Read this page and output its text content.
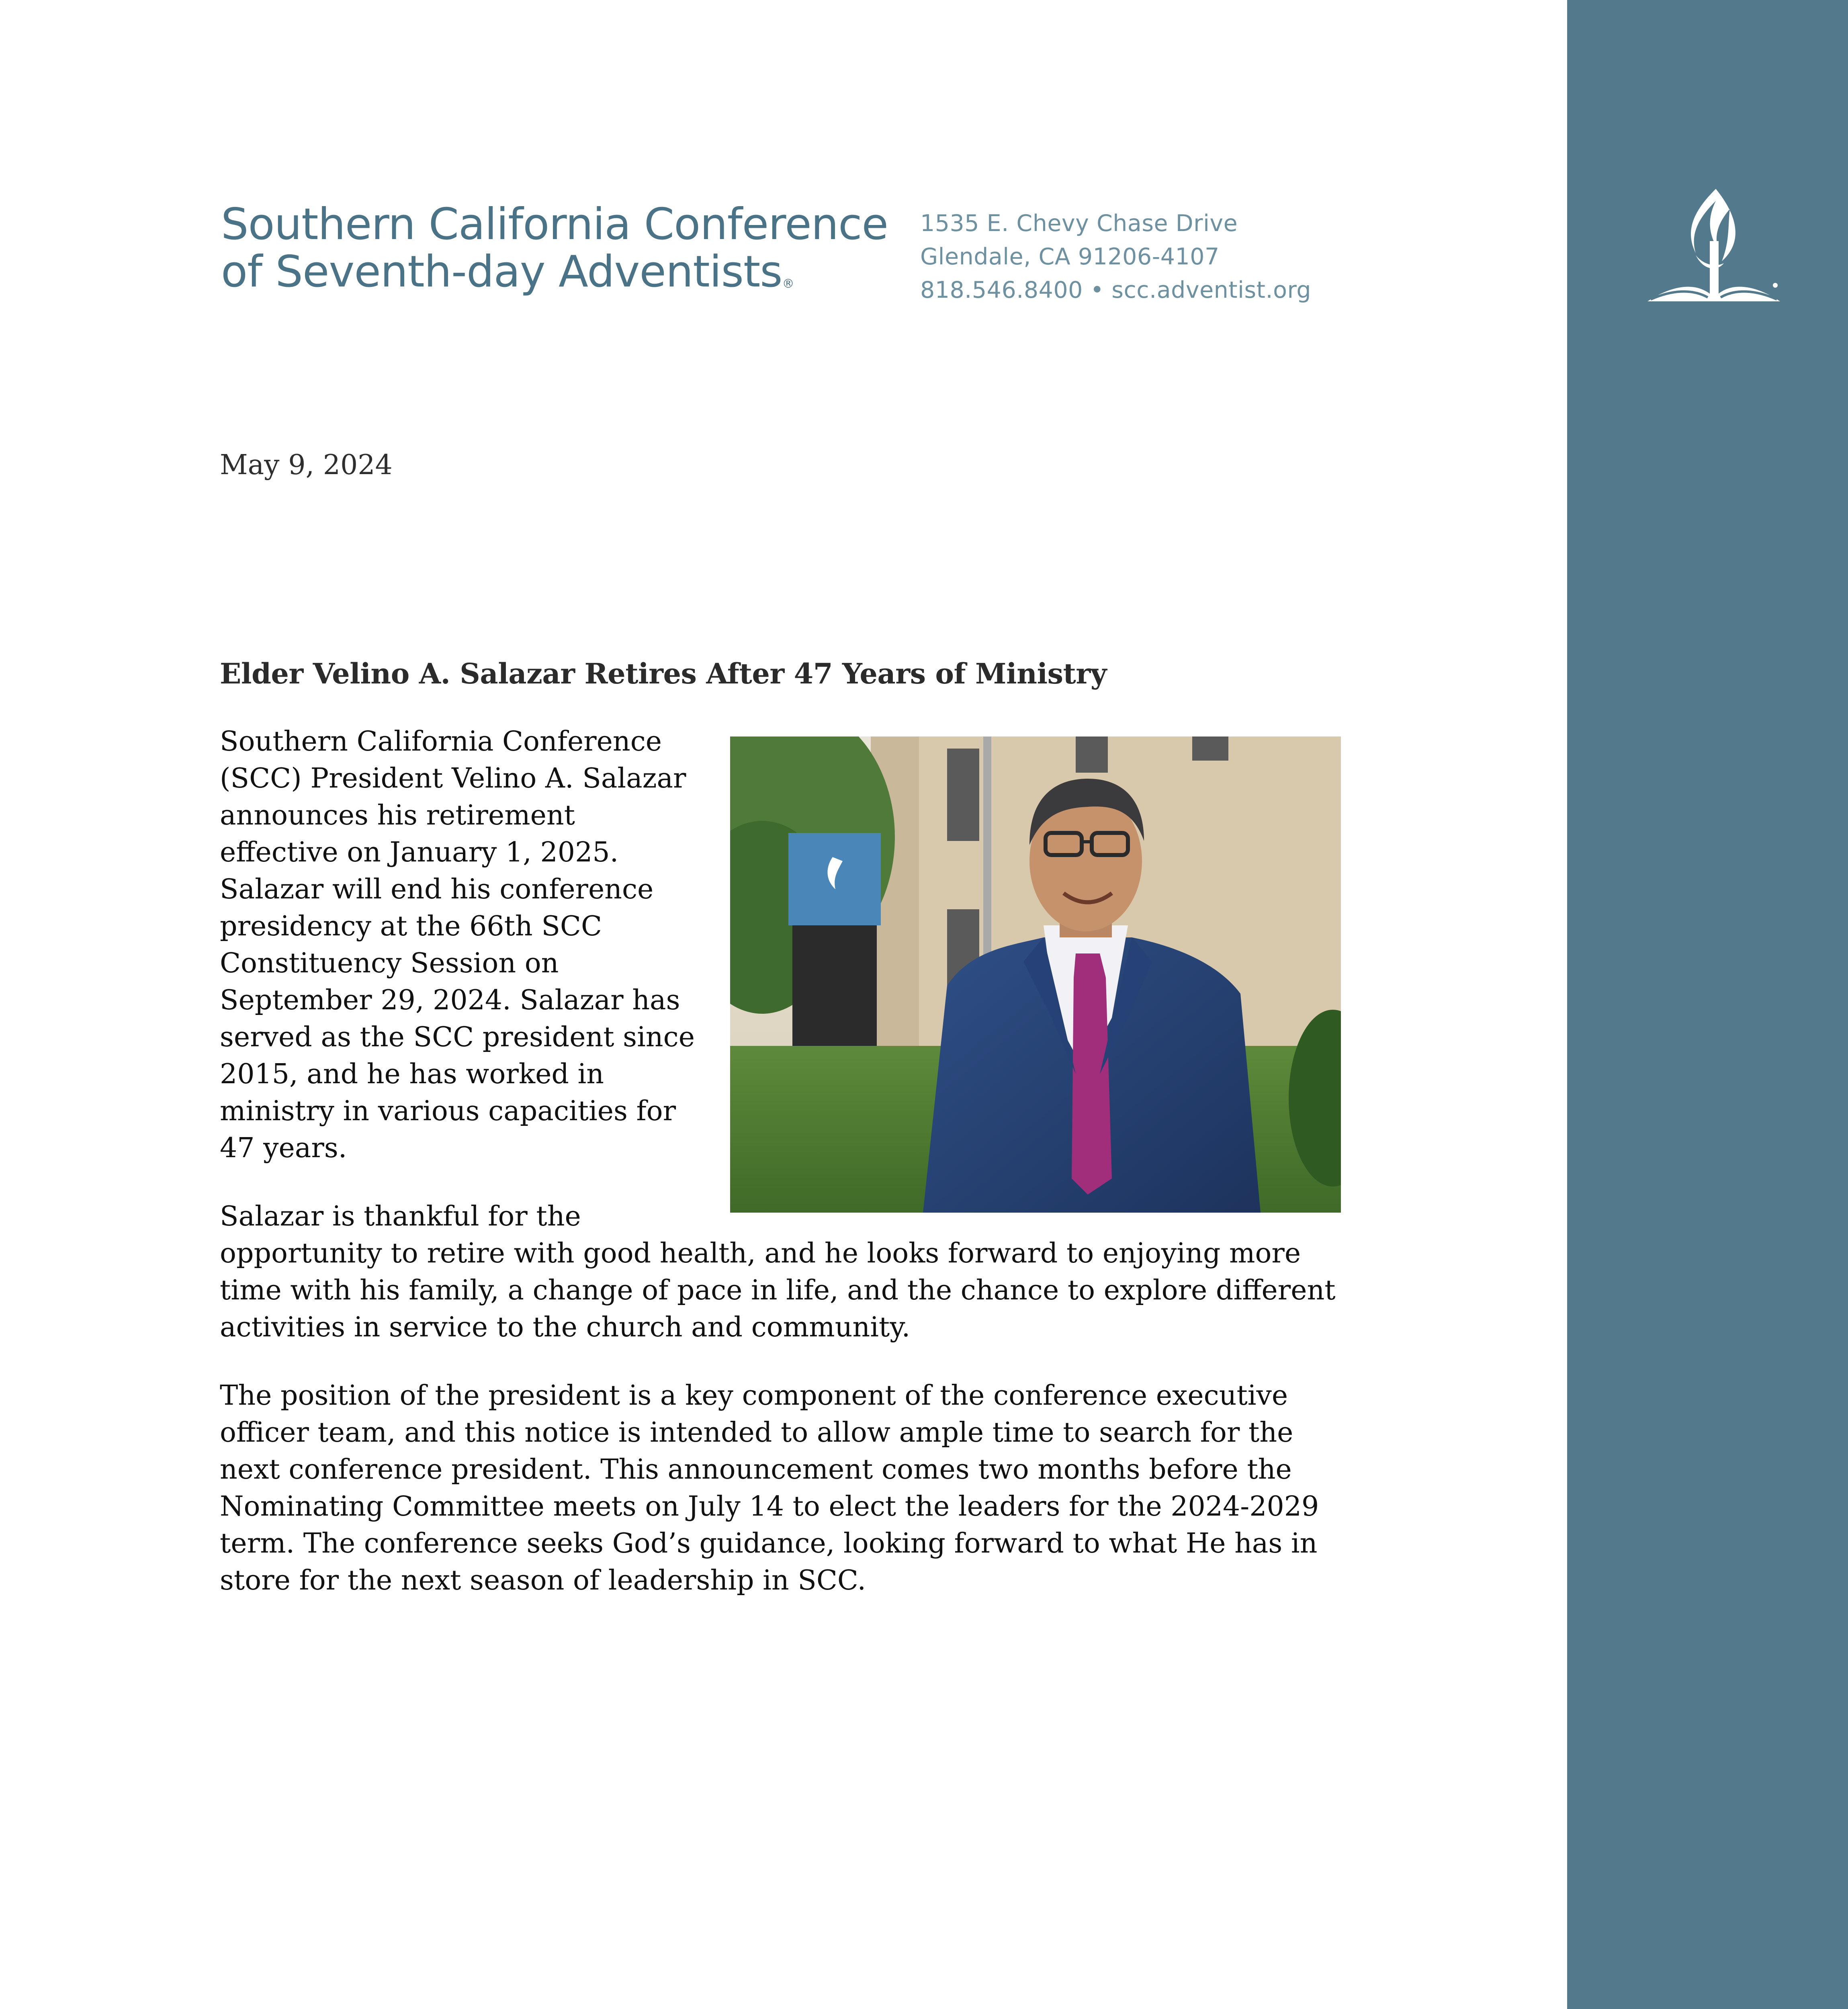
Southern California Conference
of Seventh-day Adventists®
1535 E. Chevy Chase Drive
Glendale, CA 91206-4107
818.546.8400 • scc.adventist.org
May 9, 2024
Elder Velino A. Salazar Retires After 47 Years of Ministry

Southern California Conference (SCC) President Velino A. Salazar announces his retirement effective on January 1, 2025. Salazar will end his conference presidency at the 66th SCC Constituency Session on September 29, 2024. Salazar has served as the SCC president since 2015, and he has worked in ministry in various capacities for 47 years.

Salazar is thankful for the opportunity to retire with good health, and he looks forward to enjoying more time with his family, a change of pace in life, and the chance to explore different activities in service to the church and community.

The position of the president is a key component of the conference executive officer team, and this notice is intended to allow ample time to search for the next conference president. This announcement comes two months before the Nominating Committee meets on July 14 to elect the leaders for the 2024-2029 term. The conference seeks God’s guidance, looking forward to what He has in store for the next season of leadership in SCC.
